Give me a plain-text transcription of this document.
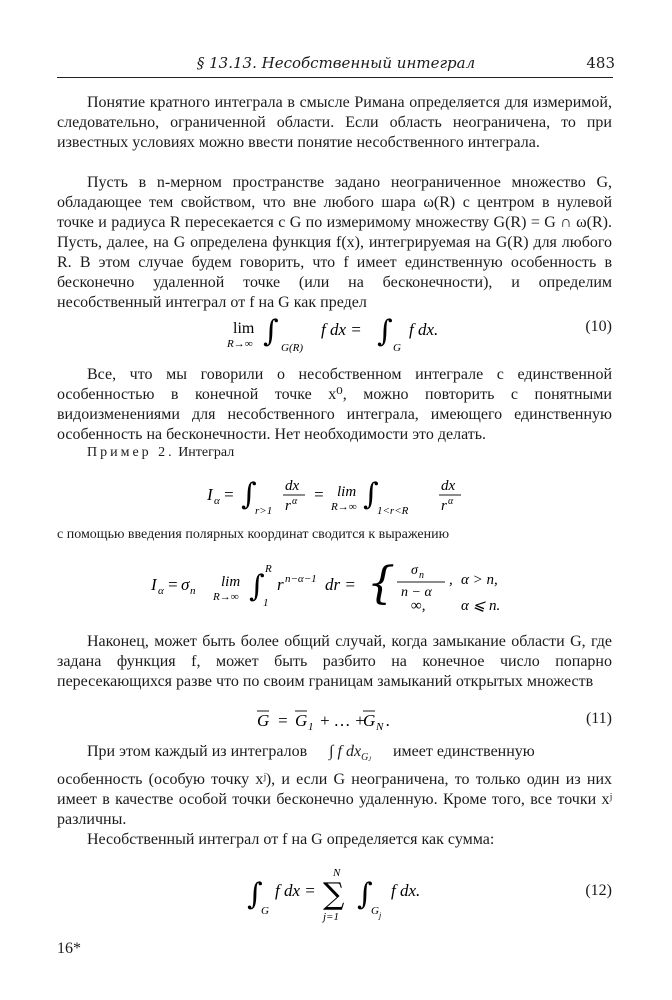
§ 13.13. Несобственный интеграл	483
Понятие кратного интеграла в смысле Римана определяется для измеримой, следовательно, ограниченной области. Если область неограничена, то при известных условиях можно ввести понятие несобственного интеграла.
Пусть в n-мерном пространстве задано неограниченное множество G, обладающее тем свойством, что вне любого шара ω(R) с центром в нулевой точке и радиуса R пересекается с G по измеримому множеству G(R) = G ∩ ω(R). Пусть, далее, на G определена функция f(x), интегрируемая на G(R) для любого R. В этом случае будем говорить, что f имеет единственную особенность в бесконечно удаленной точке (или на бесконечности), и определим несобственный интеграл от f на G как предел
lim
R→∞ ∫ G(R)
f dx = ∫ G
f dx.	(10)
Все, что мы говорили о несобственном интеграле с единственной особенностью в конечной точке x⁰, можно повторить с понятными видоизменениями для несобственного интеграла, имеющего единственную особенность на бесконечности. Нет необходимости это делать.
Пример 2. Интеграл
I α = ∫
r>1
dx
r α = lim
R→∞ ∫
1<r<R
dx
r α
с помощью введения полярных координат сводится к выражению
I α = σ n
lim
R→∞ ∫ R
1
r n−α−1 dr = { σ n
n − α
, α > n,
∞, α ⩽ n.
Наконец, может быть более общий случай, когда замыкание области G, где задана функция f, может быть разбито на конечное число попарно пересекающихся разве что по своим границам замыканий открытых множеств
G = G 1 + … +
G N .	(11)
При этом каждый из интегралов ∫ f $dx_{Gⱼ}$ имеет единственную
особенность (особую точку xʲ), и если G неограничена, то только один из них имеет в качестве особой точки бесконечно удаленную. Кроме того, все точки xʲ различны.
Несобственный интеграл от f на G определяется как сумма:
∫
G
f dx =
N
∑
j=1
∫
G j
f dx.	(12)
16*
